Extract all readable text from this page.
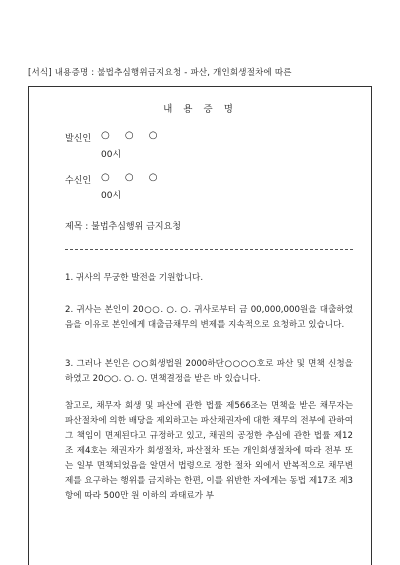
[서식] 내용증명 : 불법추심행위금지요청 - 파산, 개인회생절차에 따른
내 용 증 명
발신인 ○ ○ ○
00시
수신인 ○ ○ ○
00시
제목 : 불법추심행위 금지요청

1. 귀사의 무궁한 발전을 기원합니다.

2. 귀사는 본인이 20○○. ○. ○. 귀사로부터 금 00,000,000원을 대출하였음을 이유로 본인에게 대출금채무의 변제를 지속적으로 요청하고 있습니다.

3. 그러나 본인은 ○○회생법원 2000하단○○○○호로 파산 및 면책 신청을 하였고 20○○. ○. ○. 면책결정을 받은 바 있습니다.

참고로, 채무자 회생 및 파산에 관한 법률 제566조는 면책을 받은 채무자는 파산절차에 의한 배당을 제외하고는 파산채권자에 대한 채무의 전부에 관하여 그 책임이 면제된다고 규정하고 있고, 채권의 공정한 추심에 관한 법률 제12조 제4호는 채권자가 회생절차, 파산절차 또는 개인회생절차에 따라 전부 또는 일부 면책되었음을 알면서 법령으로 정한 절차 외에서 반복적으로 채무변제를 요구하는 행위를 금지하는 한편, 이를 위반한 자에게는 동법 제17조 제3항에 따라 500만 원 이하의 과태료가 부
